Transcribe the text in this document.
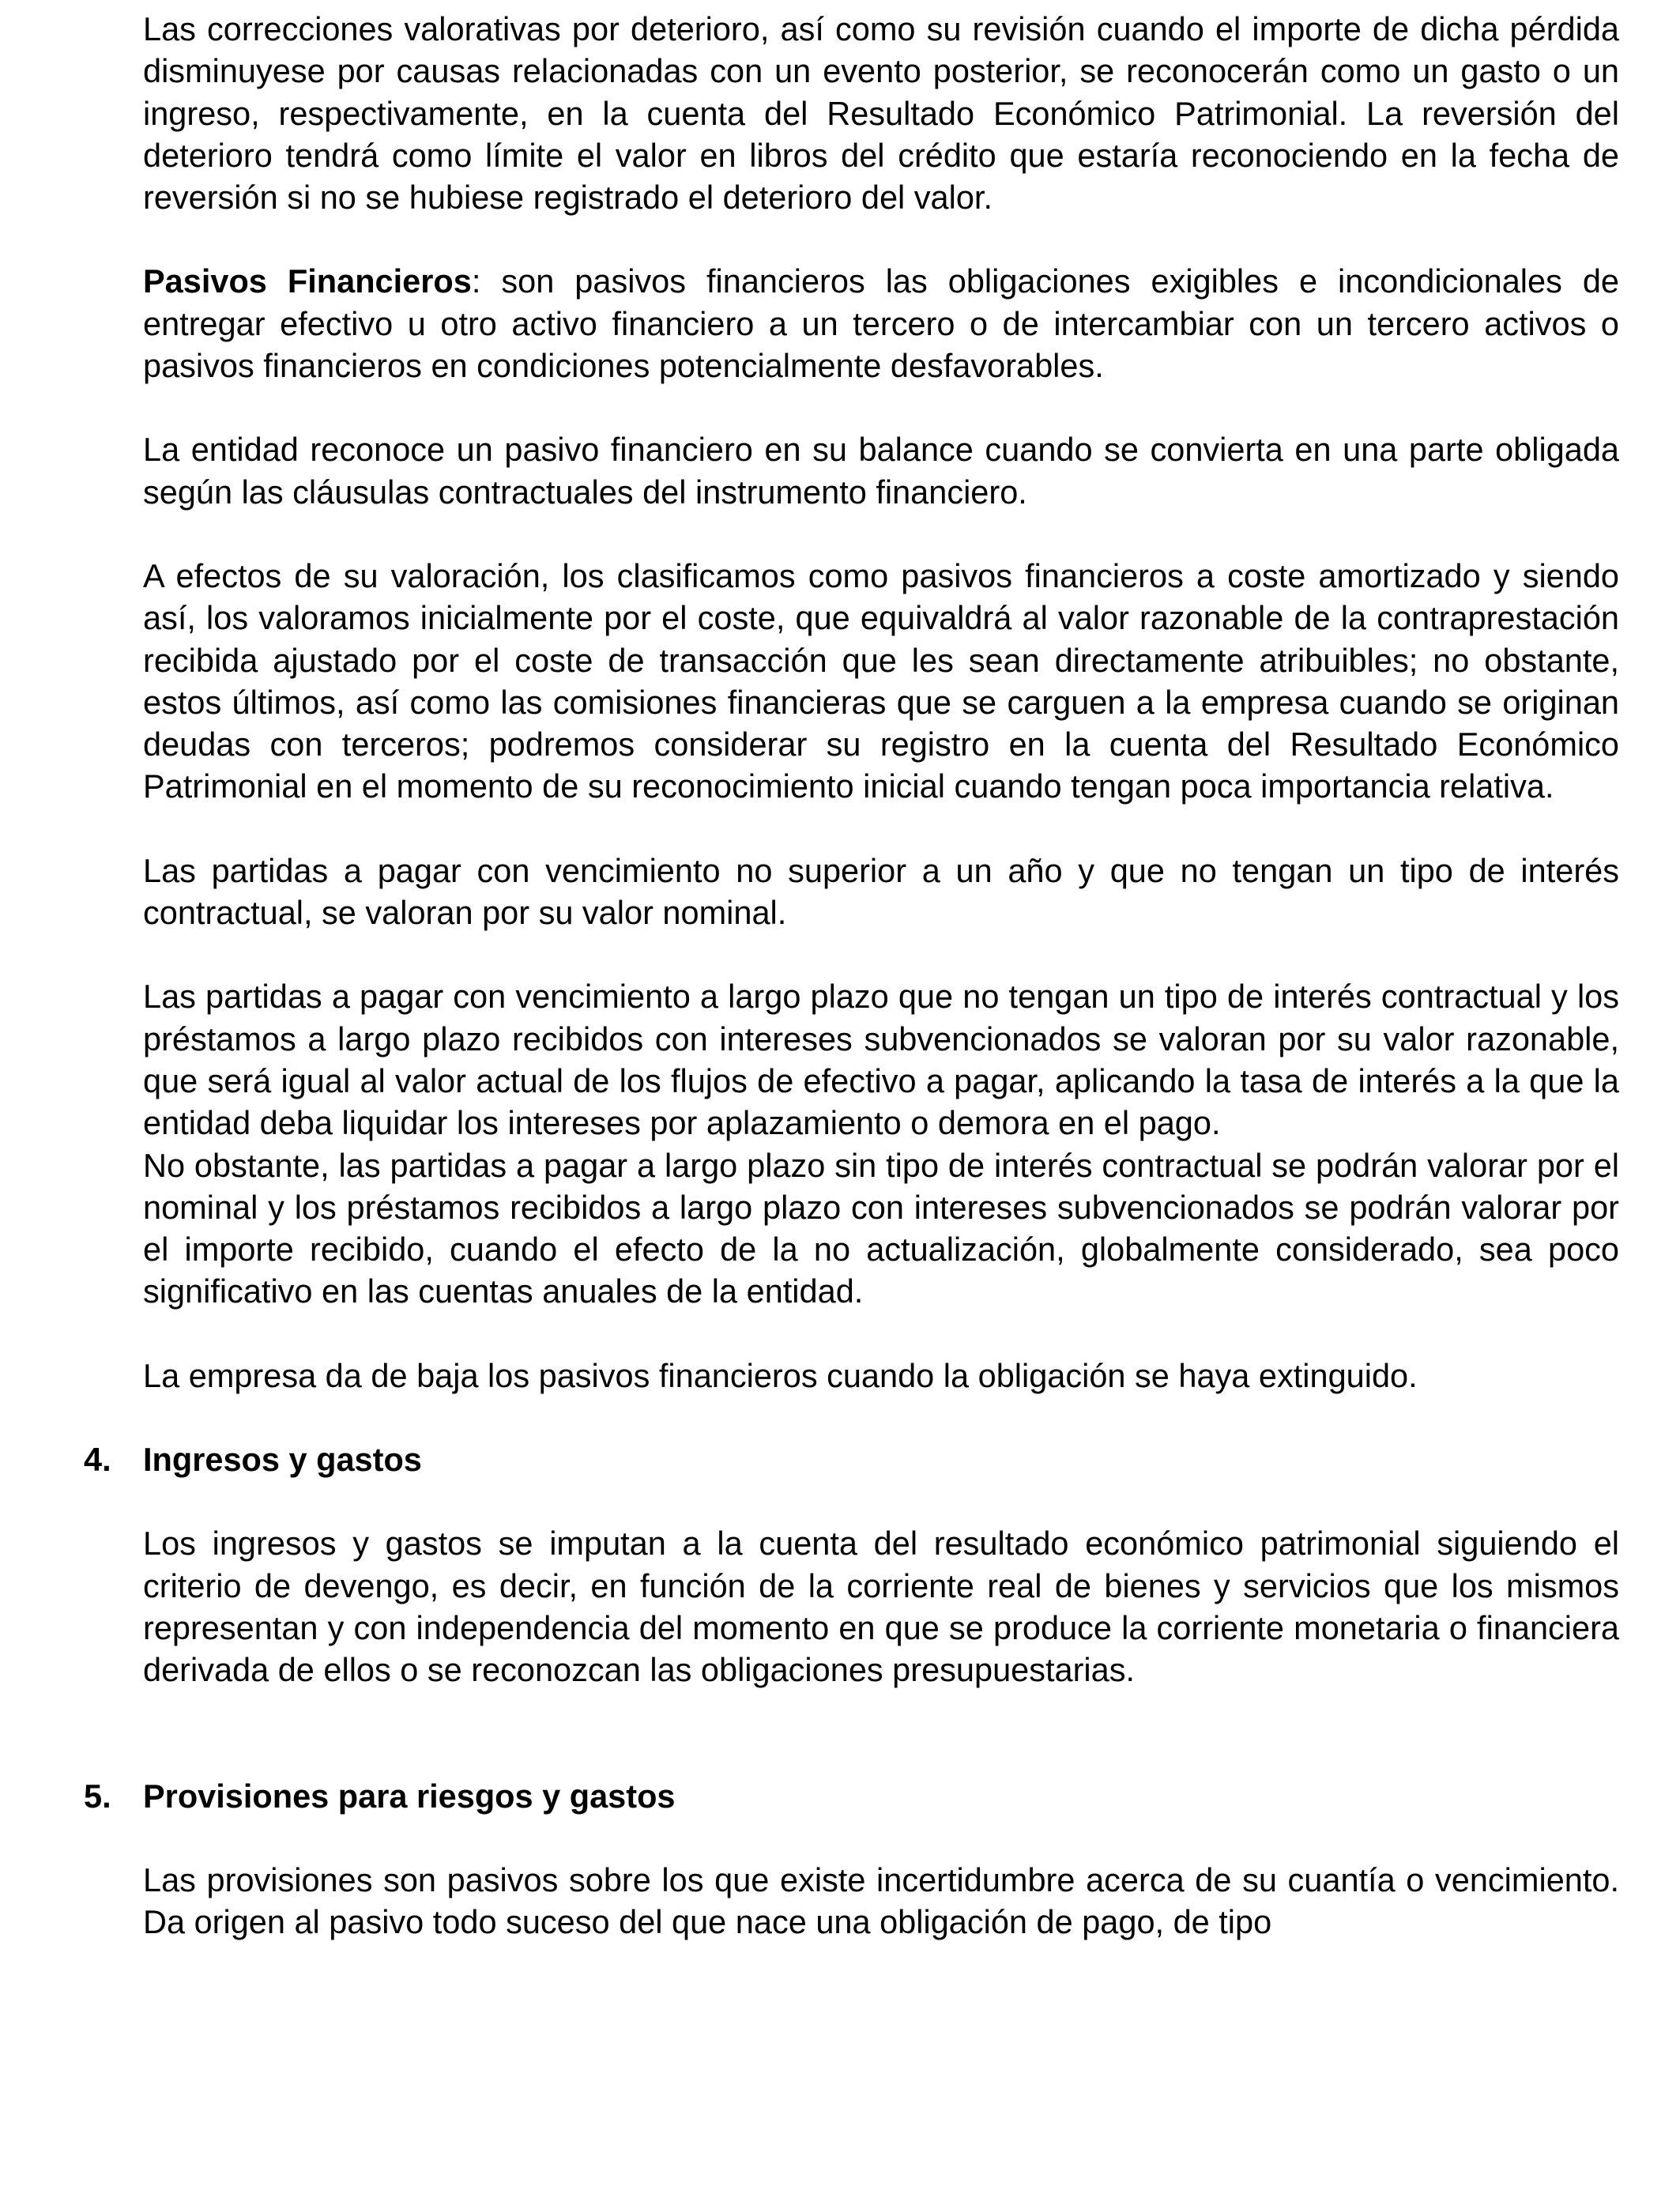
Las correcciones valorativas por deterioro, así como su revisión cuando el importe de dicha pérdida disminuyese por causas relacionadas con un evento posterior, se reconocerán como un gasto o un ingreso, respectivamente, en la cuenta del Resultado Económico Patrimonial. La reversión del deterioro tendrá como límite el valor en libros del crédito que estaría reconociendo en la fecha de reversión si no se hubiese registrado el deterioro del valor.

Pasivos Financieros: son pasivos financieros las obligaciones exigibles e incondicionales de entregar efectivo u otro activo financiero a un tercero o de intercambiar con un tercero activos o pasivos financieros en condiciones potencialmente desfavorables.

La entidad reconoce un pasivo financiero en su balance cuando se convierta en una parte obligada según las cláusulas contractuales del instrumento financiero.

A efectos de su valoración, los clasificamos como pasivos financieros a coste amortizado y siendo así, los valoramos inicialmente por el coste, que equivaldrá al valor razonable de la contraprestación recibida ajustado por el coste de transacción que les sean directamente atribuibles; no obstante, estos últimos, así como las comisiones financieras que se carguen a la empresa cuando se originan deudas con terceros; podremos considerar su registro en la cuenta del Resultado Económico Patrimonial en el momento de su reconocimiento inicial cuando tengan poca importancia relativa.

Las partidas a pagar con vencimiento no superior a un año y que no tengan un tipo de interés contractual, se valoran por su valor nominal.

Las partidas a pagar con vencimiento a largo plazo que no tengan un tipo de interés contractual y los préstamos a largo plazo recibidos con intereses subvencionados se valoran por su valor razonable, que será igual al valor actual de los flujos de efectivo a pagar, aplicando la tasa de interés a la que la entidad deba liquidar los intereses por aplazamiento o demora en el pago.

No obstante, las partidas a pagar a largo plazo sin tipo de interés contractual se podrán valorar por el nominal y los préstamos recibidos a largo plazo con intereses subvencionados se podrán valorar por el importe recibido, cuando el efecto de la no actualización, globalmente considerado, sea poco significativo en las cuentas anuales de la entidad.

La empresa da de baja los pasivos financieros cuando la obligación se haya extinguido.

4. Ingresos y gastos

Los ingresos y gastos se imputan a la cuenta del resultado económico patrimonial siguiendo el criterio de devengo, es decir, en función de la corriente real de bienes y servicios que los mismos representan y con independencia del momento en que se produce la corriente monetaria o financiera derivada de ellos o se reconozcan las obligaciones presupuestarias.

5. Provisiones para riesgos y gastos

Las provisiones son pasivos sobre los que existe incertidumbre acerca de su cuantía o vencimiento. Da origen al pasivo todo suceso del que nace una obligación de pago, de tipo
